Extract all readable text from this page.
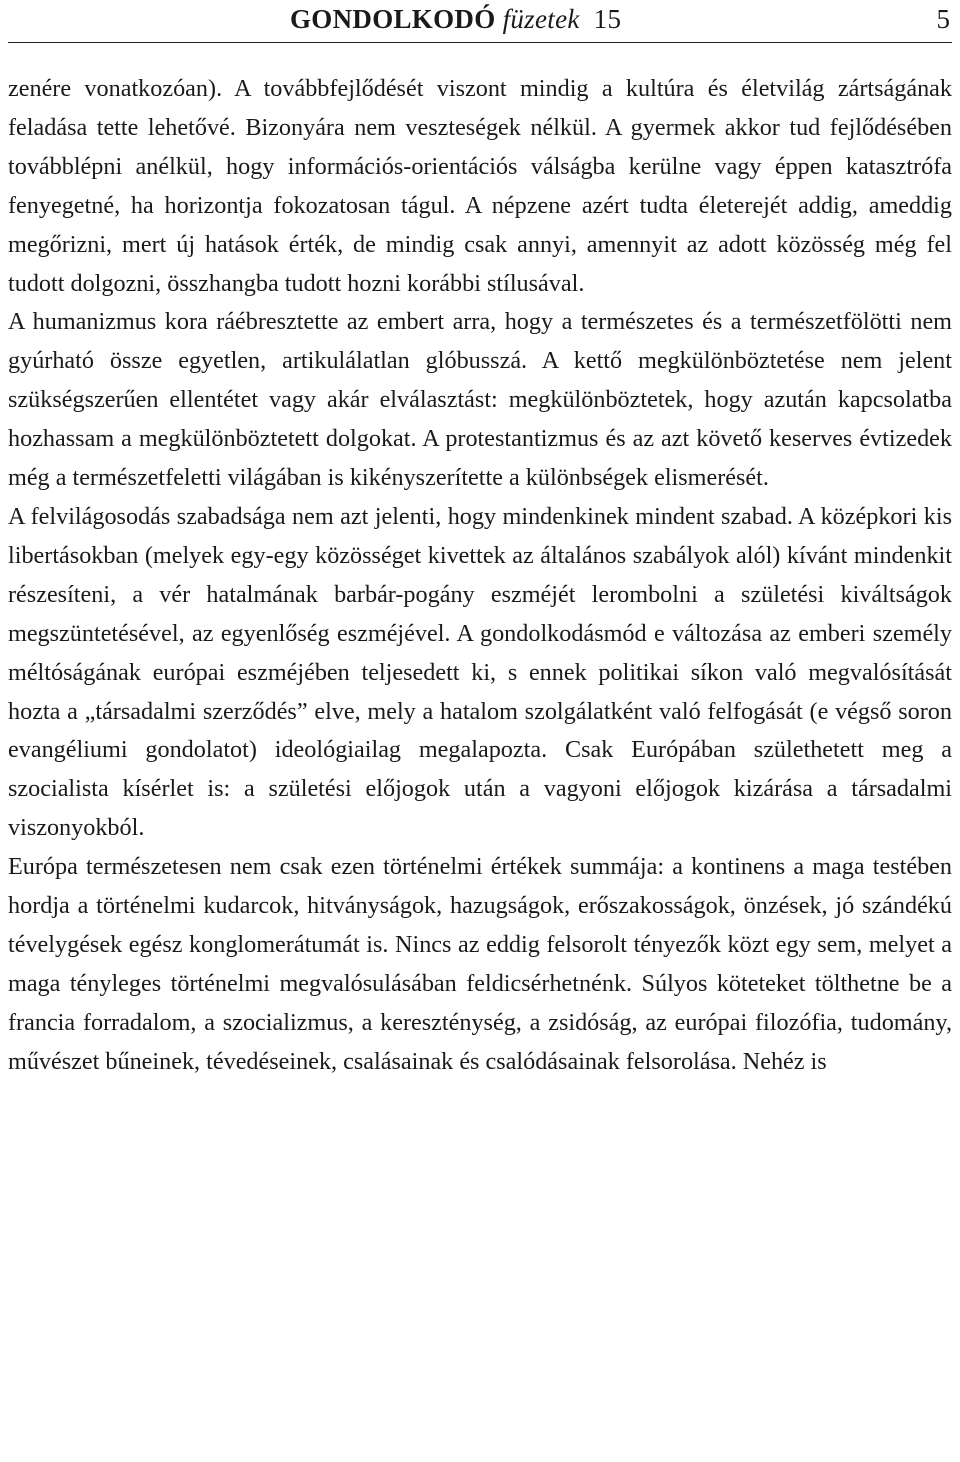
GONDOLKODÓ füzetek 15	5

zenére vonatkozóan). A továbbfejlődését viszont mindig a kultúra és életvilág zártságának feladása tette lehetővé. Bizonyára nem veszteségek nélkül. A gyermek akkor tud fejlődésében továbblépni anélkül, hogy információs-orientációs válságba kerülne vagy éppen katasztrófa fenyegetné, ha horizontja fokozatosan tágul. A népzene azért tudta életerejét addig, ameddig megőrizni, mert új hatások érték, de mindig csak annyi, amennyit az adott közösség még fel tudott dolgozni, összhangba tudott hozni korábbi stílusával.

A humanizmus kora ráébresztette az embert arra, hogy a természetes és a természetfölötti nem gyúrható össze egyetlen, artikulálatlan glóbusszá. A kettő megkülönböztetése nem jelent szükségszerűen ellentétet vagy akár elválasztást: megkülönböztetek, hogy azután kapcsolatba hozhassam a megkülönböztetett dolgokat. A protestantizmus és az azt követő keserves évtizedek még a természetfeletti világában is kikényszerítette a különbségek elismerését.

A felvilágosodás szabadsága nem azt jelenti, hogy mindenkinek mindent szabad. A középkori kis libertásokban (melyek egy-egy közösséget kivettek az általános szabályok alól) kívánt mindenkit részesíteni, a vér hatalmának barbár-pogány eszméjét lerombolni a születési kiváltságok megszüntetésével, az egyenlőség eszméjével. A gondolkodásmód e változása az emberi személy méltóságának európai eszméjében teljesedett ki, s ennek politikai síkon való megvalósítását hozta a „társadalmi szerződés” elve, mely a hatalom szolgálatként való felfogását (e végső soron evangéliumi gondolatot) ideológiailag megalapozta. Csak Európában születhetett meg a szocialista kísérlet is: a születési előjogok után a vagyoni előjogok kizárása a társadalmi viszonyokból.

Európa természetesen nem csak ezen történelmi értékek summája: a kontinens a maga testében hordja a történelmi kudarcok, hitványságok, hazugságok, erőszakosságok, önzések, jó szándékú tévelygések egész konglomerátumát is. Nincs az eddig felsorolt tényezők közt egy sem, melyet a maga tényleges történelmi megvalósulásában feldicsérhetnénk. Súlyos köteteket tölthetne be a francia forradalom, a szocializmus, a kereszténység, a zsidóság, az európai filozófia, tudomány, művészet bűneinek, tévedéseinek, csalásainak és csalódásainak felsorolása. Nehéz is
